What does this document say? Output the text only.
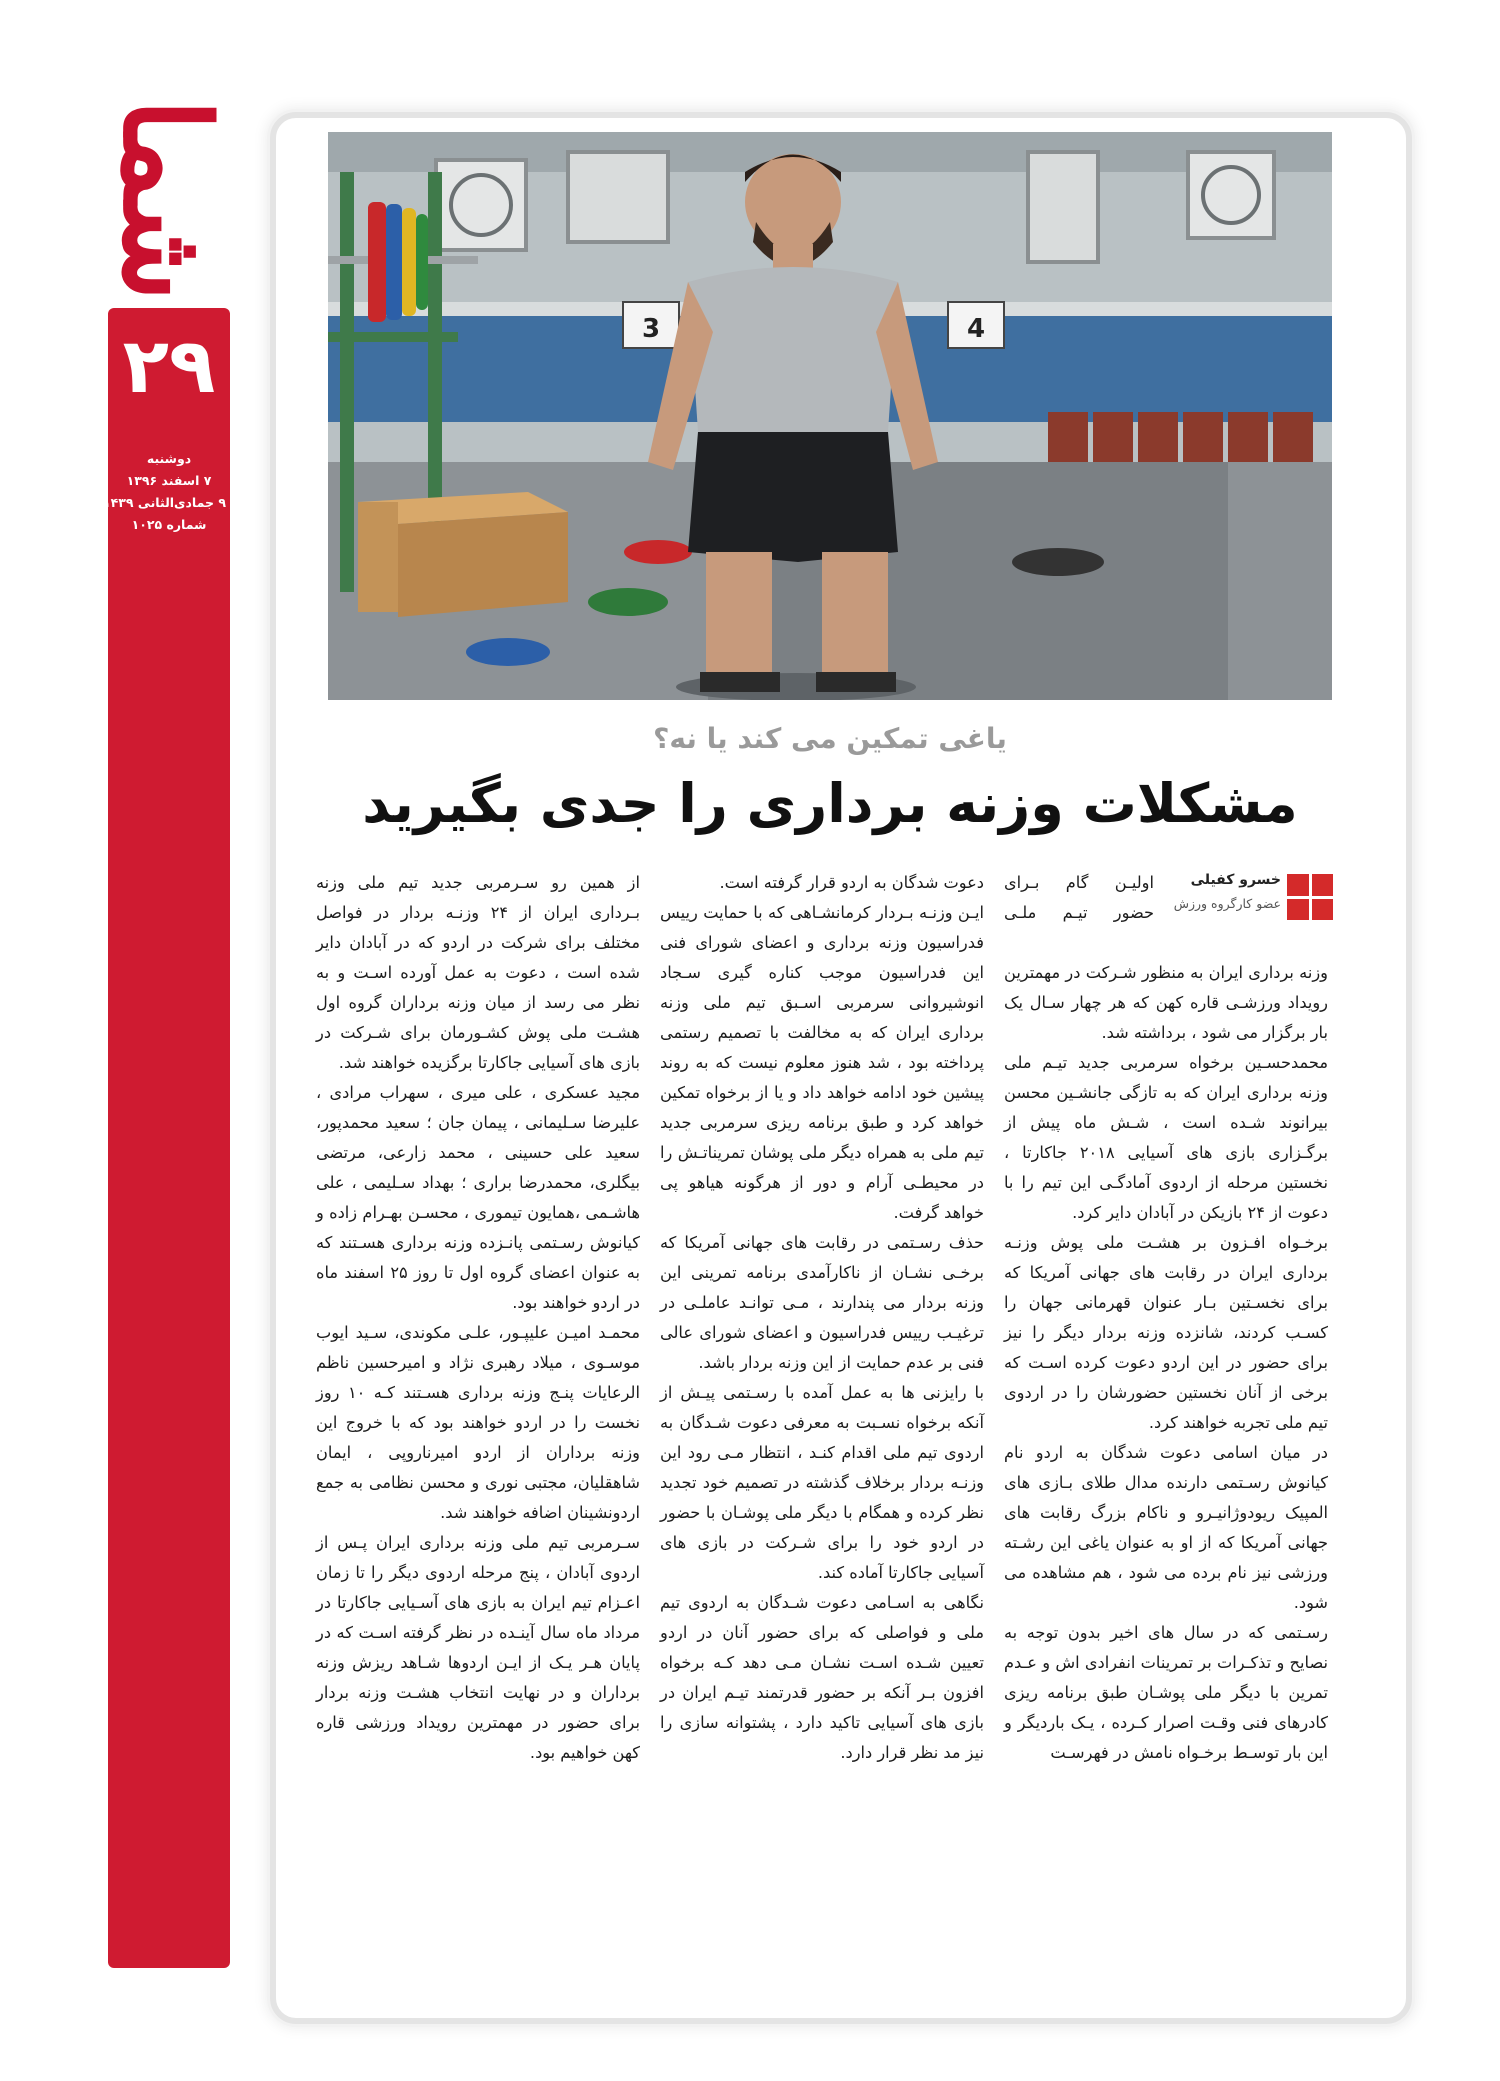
شما
۲۹
دوشنبه
۷ اسفند ۱۳۹۶
۹ جمادی‌الثانی ۱۴۳۹
شماره ۱۰۲۵
3	4
یاغی تمکین می کند یا نه؟
مشکلات وزنه برداری را جدی بگیرید
خسرو کفیلی
عضو کارگروه ورزش
اولیـن گام بـرای حضور تیـم ملـی

وزنه برداری ایران به منظور شـرکت در مهمترین رویداد ورزشـی قاره کهن که هر چهار سـال یک بار برگزار می شود ، برداشته شد.

محمدحسـین برخواه سرمربی جدید تیـم ملی وزنه برداری ایران که به تازگی جانشـین محسن بیرانوند شـده است ، شـش ماه پیش از برگـزاری بازی های آسیایی ۲۰۱۸ جاکارتا ، نخستین مرحله از اردوی آمادگـی این تیم را با دعوت از ۲۴ بازیکن در آبادان دایر کرد.

برخـواه افـزون بر هشـت ملی پوش وزنـه برداری ایران در رقابت های جهانی آمریکا که برای نخسـتین بـار عنوان قهرمانی جهان را کسـب کردند، شانزده وزنه بردار دیگر را نیز برای حضور در این اردو دعوت کرده اسـت که برخی از آنان نخستین حضورشان را در اردوی تیم ملی تجربه خواهند کرد.

در میان اسامی دعوت شدگان به اردو نام کیانوش رسـتمی دارنده مدال طلای بـازی های المپیک ریودوژانیـرو و ناکام بزرگ رقابت های جهانی آمریکا که از او به عنوان یاغی این رشـته ورزشی نیز نام برده می شود ، هم مشاهده می شود.

رسـتمی که در سال های اخیر بدون توجه به نصایح و تذکـرات بر تمرینات انفرادی اش و عـدم تمرین با دیگر ملی پوشـان طبق برنامه ریزی کادرهای فنی وقـت اصرار کـرده ، یـک باردیگر و این بار توسـط برخـواه نامش در فهرسـت

دعوت شدگان به اردو قرار گرفته است.

ایـن وزنـه بـردار کرمانشـاهی که با حمایت رییس فدراسیون وزنه برداری و اعضای شورای فنی این فدراسیون موجب کناره گیری سـجاد انوشیروانی سرمربی اسـبق تیم ملی وزنه برداری ایران که به مخالفت با تصمیم رستمی پرداخته بود ، شد هنوز معلوم نیست که به روند پیشین خود ادامه خواهد داد و یا از برخواه تمکین خواهد کرد و طبق برنامه ریزی سرمربی جدید تیم ملی به همراه دیگر ملی پوشان تمریناتـش را در محیطـی آرام و دور از هرگونه هیاهو پی خواهد گرفت.

حذف رسـتمی در رقابت های جهانی آمریکا که برخـی نشـان از ناکارآمدی برنامه تمرینی این وزنه بردار می پندارند ، مـی توانـد عاملـی در ترغیـب رییس فدراسیون و اعضای شورای عالی فنی بر عدم حمایت از این وزنه بردار باشد.

با رایزنی ها به عمل آمده با رسـتمی پیـش از آنکه برخواه نسـبت به معرفی دعوت شـدگان به اردوی تیم ملی اقدام کنـد ، انتظار مـی رود این وزنـه بردار برخلاف گذشته در تصمیم خود تجدید نظر کرده و همگام با دیگر ملی پوشـان با حضور در اردو خود را برای شـرکت در بازی های آسیایی جاکارتا آماده کند.

نگاهی به اسـامی دعوت شـدگان به اردوی تیم ملی و فواصلی که برای حضور آنان در اردو تعیین شـده اسـت نشـان مـی دهد کـه برخواه افزون بـر آنکه بر حضور قدرتمند تیـم ایران در بازی های آسیایی تاکید دارد ، پشتوانه سازی را نیز مد نظر قرار دارد.

از همین رو سـرمربی جدید تیم ملی وزنه بـرداری ایران از ۲۴ وزنـه بردار در فواصل مختلف برای شرکت در اردو که در آبادان دایر شده است ، دعوت به عمل آورده اسـت و به نظر می رسد از میان وزنه برداران گروه اول هشـت ملی پوش کشـورمان برای شـرکت در بازی های آسیایی جاکارتا برگزیده خواهند شد.

مجید عسکری ، علی میری ، سهراب مرادی ، علیرضا سـلیمانی ، پیمان جان ؛ سعید محمدپور، سعید علی حسینی ، محمد زارعی، مرتضی بیگلری، محمدرضا براری ؛ بهداد سـلیمی ، علی هاشـمی ،همایون تیموری ، محسـن بهـرام زاده و کیانوش رسـتمی پانـزده وزنه برداری هسـتند که به عنوان اعضای گروه اول تا روز ۲۵ اسفند ماه در اردو خواهند بود.

محمـد امیـن علیپـور، علـی مکوندی، سـید ایوب موسـوی ، میلاد رهبری نژاد و امیرحسین ناظم الرعایات پنـج وزنه برداری هسـتند کـه ۱۰ روز نخست را در اردو خواهند بود که با خروج این وزنه برداران از اردو امیرناروپی ، ایمان شاهقلیان، مجتبی نوری و محسن نظامی به جمع اردونشینان اضافه خواهند شد.

سـرمربی تیم ملی وزنه برداری ایران پـس از اردوی آبادان ، پنج مرحله اردوی دیگر را تا زمان اعـزام تیم ایران به بازی های آسـیایی جاکارتا در مرداد ماه سال آینـده در نظر گرفته اسـت که در پایان هـر یـک از ایـن اردوها شـاهد ریزش وزنه برداران و در نهایت انتخاب هشـت وزنه بردار برای حضور در مهمترین رویداد ورزشی قاره کهن خواهیم بود.
